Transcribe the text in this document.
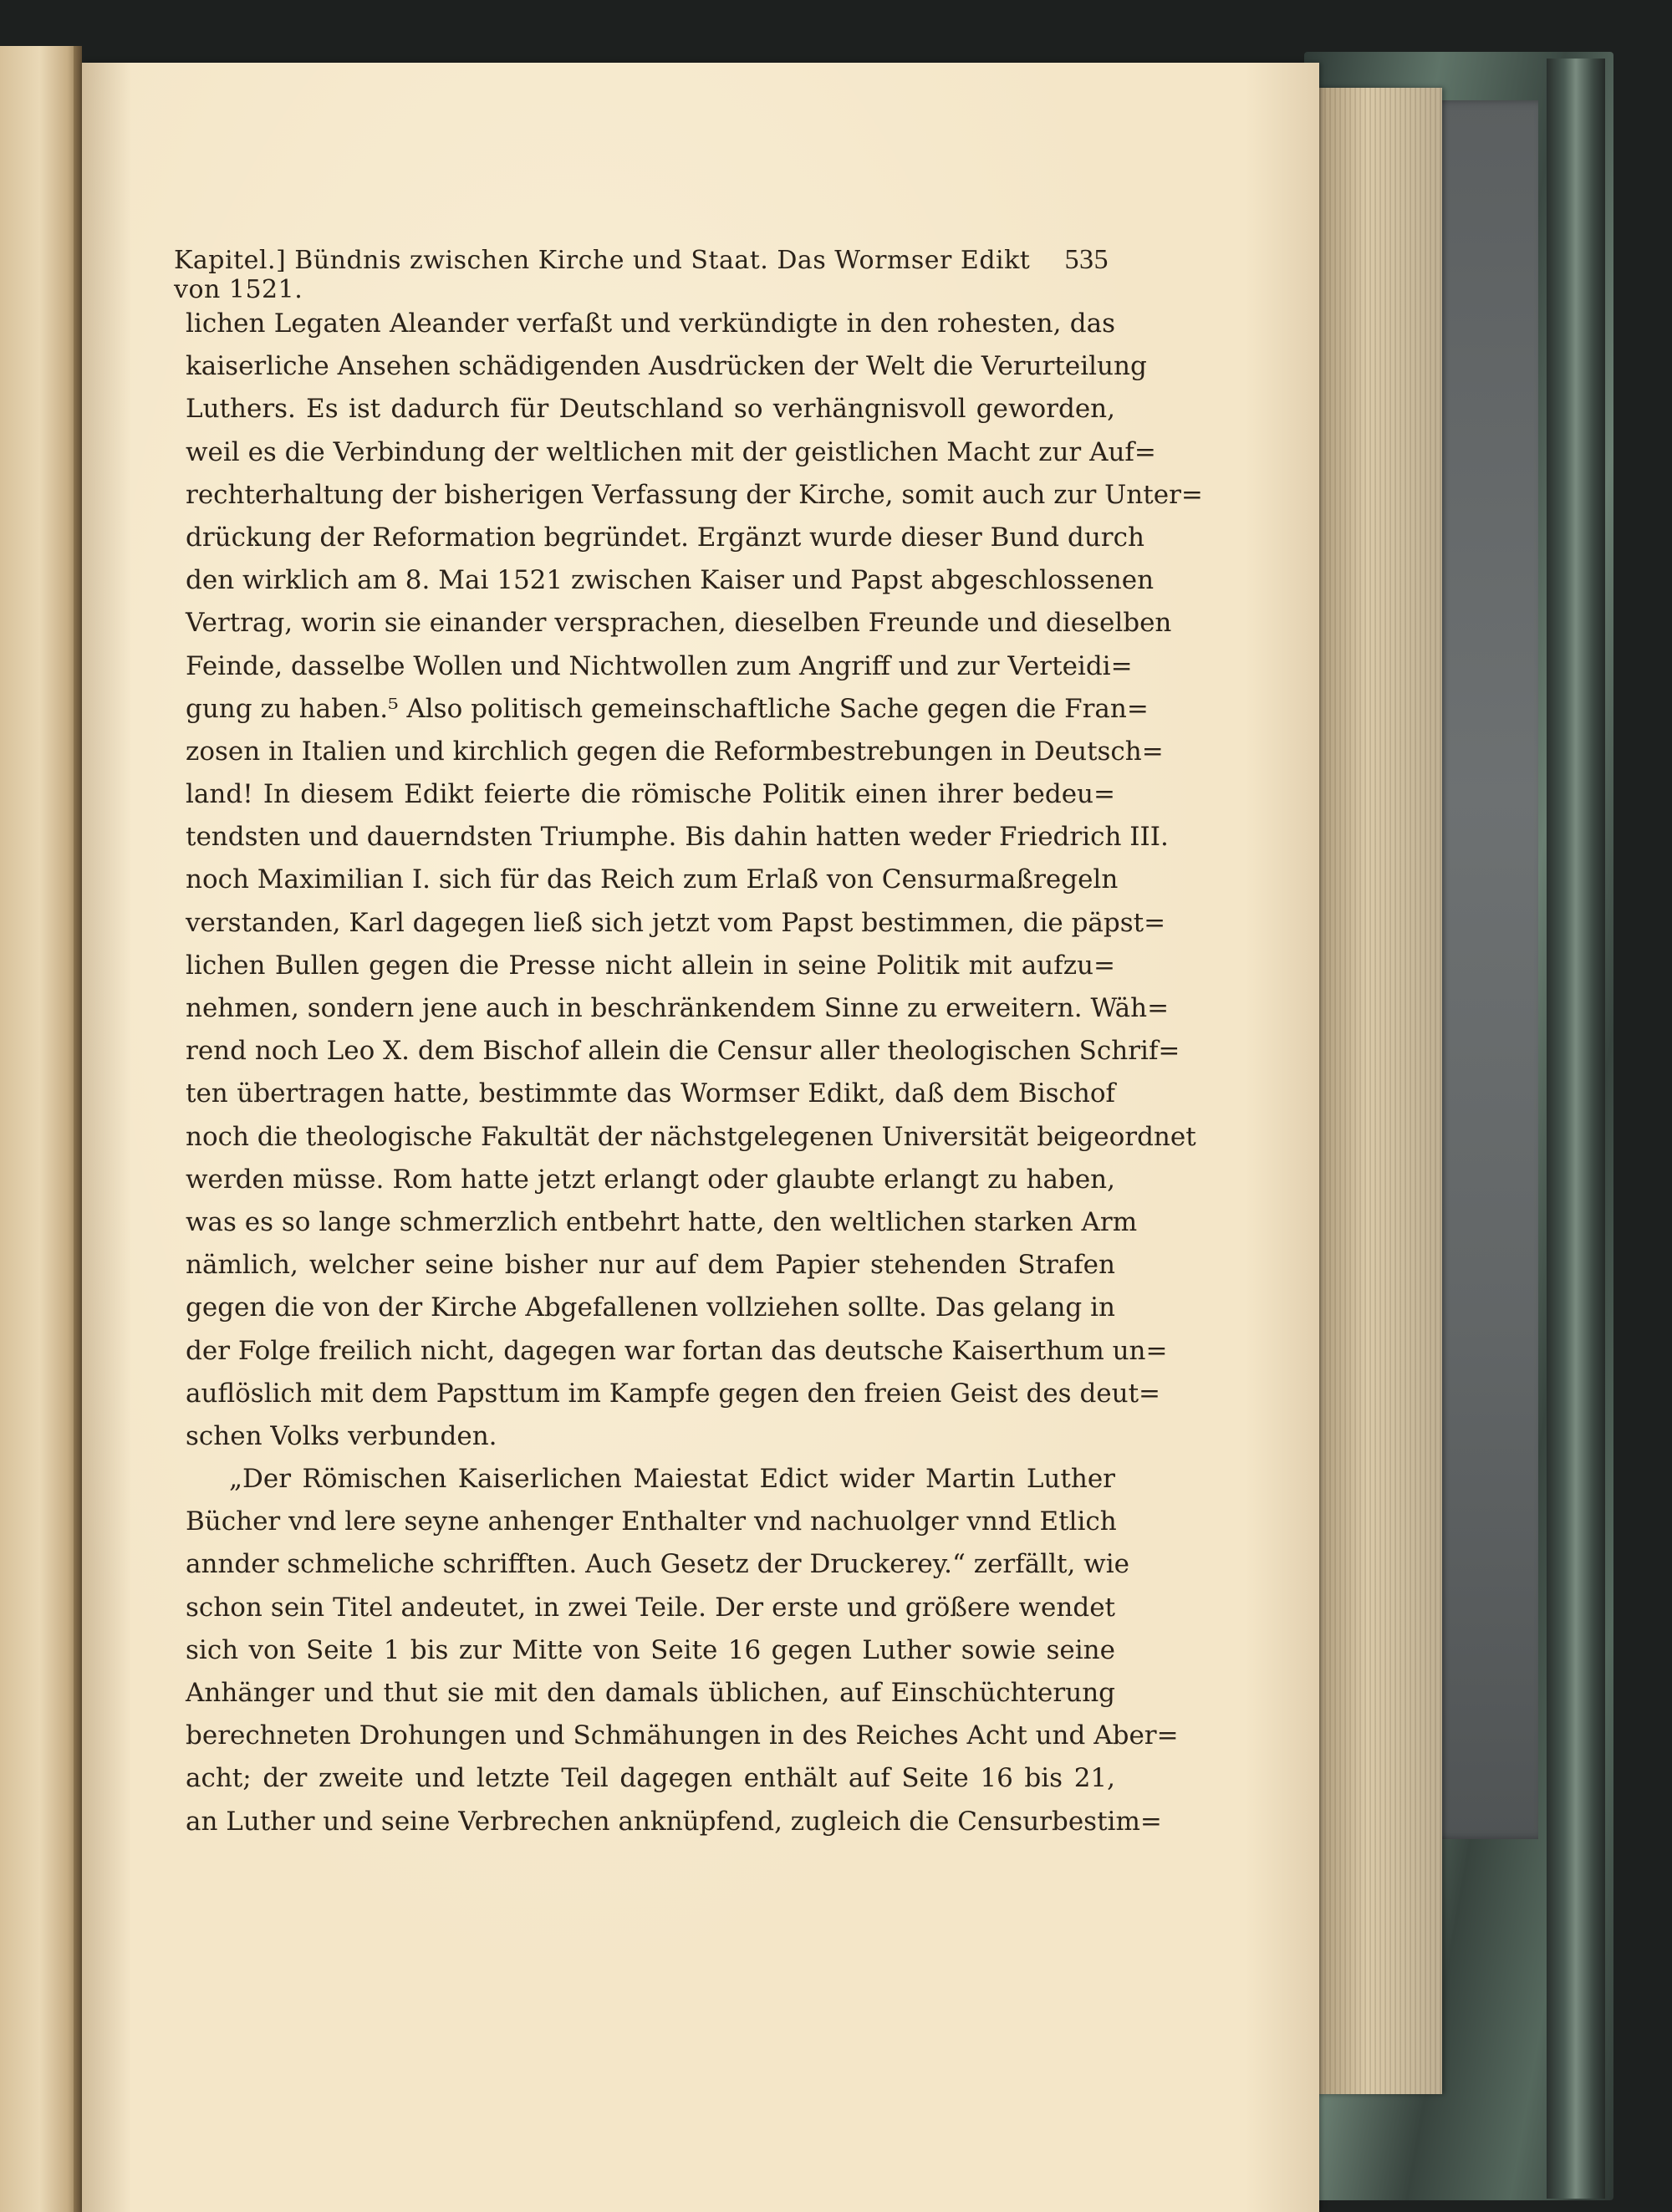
Kapitel.] Bündnis zwischen Kirche und Staat. Das Wormser Edikt von 1521.
535
lichen Legaten Aleander verfaßt und verkündigte in den rohesten, das
kaiserliche Ansehen schädigenden Ausdrücken der Welt die Verurteilung
Luthers. Es ist dadurch für Deutschland so verhängnisvoll geworden,
weil es die Verbindung der weltlichen mit der geistlichen Macht zur Auf=
rechterhaltung der bisherigen Verfassung der Kirche, somit auch zur Unter=
drückung der Reformation begründet. Ergänzt wurde dieser Bund durch
den wirklich am 8. Mai 1521 zwischen Kaiser und Papst abgeschlossenen
Vertrag, worin sie einander versprachen, dieselben Freunde und dieselben
Feinde, dasselbe Wollen und Nichtwollen zum Angriff und zur Verteidi=
gung zu haben.⁵ Also politisch gemeinschaftliche Sache gegen die Fran=
zosen in Italien und kirchlich gegen die Reformbestrebungen in Deutsch=
land! In diesem Edikt feierte die römische Politik einen ihrer bedeu=
tendsten und dauerndsten Triumphe. Bis dahin hatten weder Friedrich III.
noch Maximilian I. sich für das Reich zum Erlaß von Censurmaßregeln
verstanden, Karl dagegen ließ sich jetzt vom Papst bestimmen, die päpst=
lichen Bullen gegen die Presse nicht allein in seine Politik mit aufzu=
nehmen, sondern jene auch in beschränkendem Sinne zu erweitern. Wäh=
rend noch Leo X. dem Bischof allein die Censur aller theologischen Schrif=
ten übertragen hatte, bestimmte das Wormser Edikt, daß dem Bischof
noch die theologische Fakultät der nächstgelegenen Universität beigeordnet
werden müsse. Rom hatte jetzt erlangt oder glaubte erlangt zu haben,
was es so lange schmerzlich entbehrt hatte, den weltlichen starken Arm
nämlich, welcher seine bisher nur auf dem Papier stehenden Strafen
gegen die von der Kirche Abgefallenen vollziehen sollte. Das gelang in
der Folge freilich nicht, dagegen war fortan das deutsche Kaiserthum un=
auflöslich mit dem Papsttum im Kampfe gegen den freien Geist des deut=
schen Volks verbunden.
„Der Römischen Kaiserlichen Maiestat Edict wider Martin Luther
Bücher vnd lere seyne anhenger Enthalter vnd nachuolger vnnd Etlich
annder schmeliche schrifften. Auch Gesetz der Druckerey.“ zerfällt, wie
schon sein Titel andeutet, in zwei Teile. Der erste und größere wendet
sich von Seite 1 bis zur Mitte von Seite 16 gegen Luther sowie seine
Anhänger und thut sie mit den damals üblichen, auf Einschüchterung
berechneten Drohungen und Schmähungen in des Reiches Acht und Aber=
acht; der zweite und letzte Teil dagegen enthält auf Seite 16 bis 21,
an Luther und seine Verbrechen anknüpfend, zugleich die Censurbestim=
